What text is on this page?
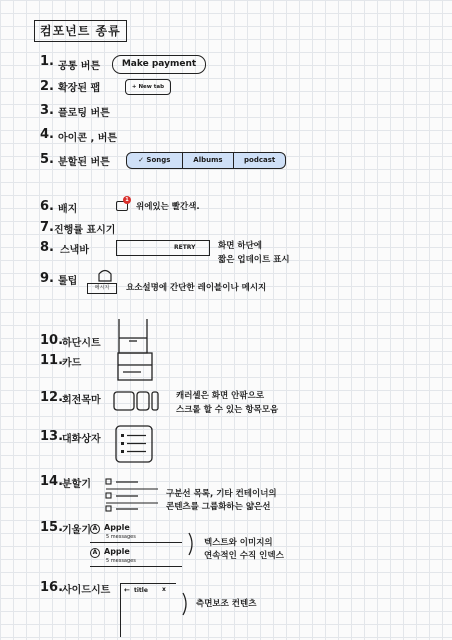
컴포넌트 종류
1. 공통 버튼	Make payment
2. 확장된 팹	+ New tab
3. 플로팅 버튼
4. 아이콘 , 버튼
5. 분할된 버튼	✓ Songs	Albums	podcast
6. 배지
1
위에있는 빨간색.
7. 진행률 표시기
8. 스낵바	RETRY	화면 하단에
짧은 업데이트 표시
9. 툴팁
메시지	요소설명에 간단한 레이블이나 메시지
10.
하단시트
11.
카드
12.
회전목마	캐러셀은 화면 안팎으로
스크롤 할 수 있는 항목모음
13.
대화상자
14.
분할기
구분선 목록, 기타 컨테이너의
콘텐츠를 그룹화하는 얇은선
15.
기울기 A Apple
5 messages
A Apple
5 messages
텍스트와 이미지의
연속적인 수직 인덱스
16.
사이드시트 ← title x
측면보조 컨텐츠
